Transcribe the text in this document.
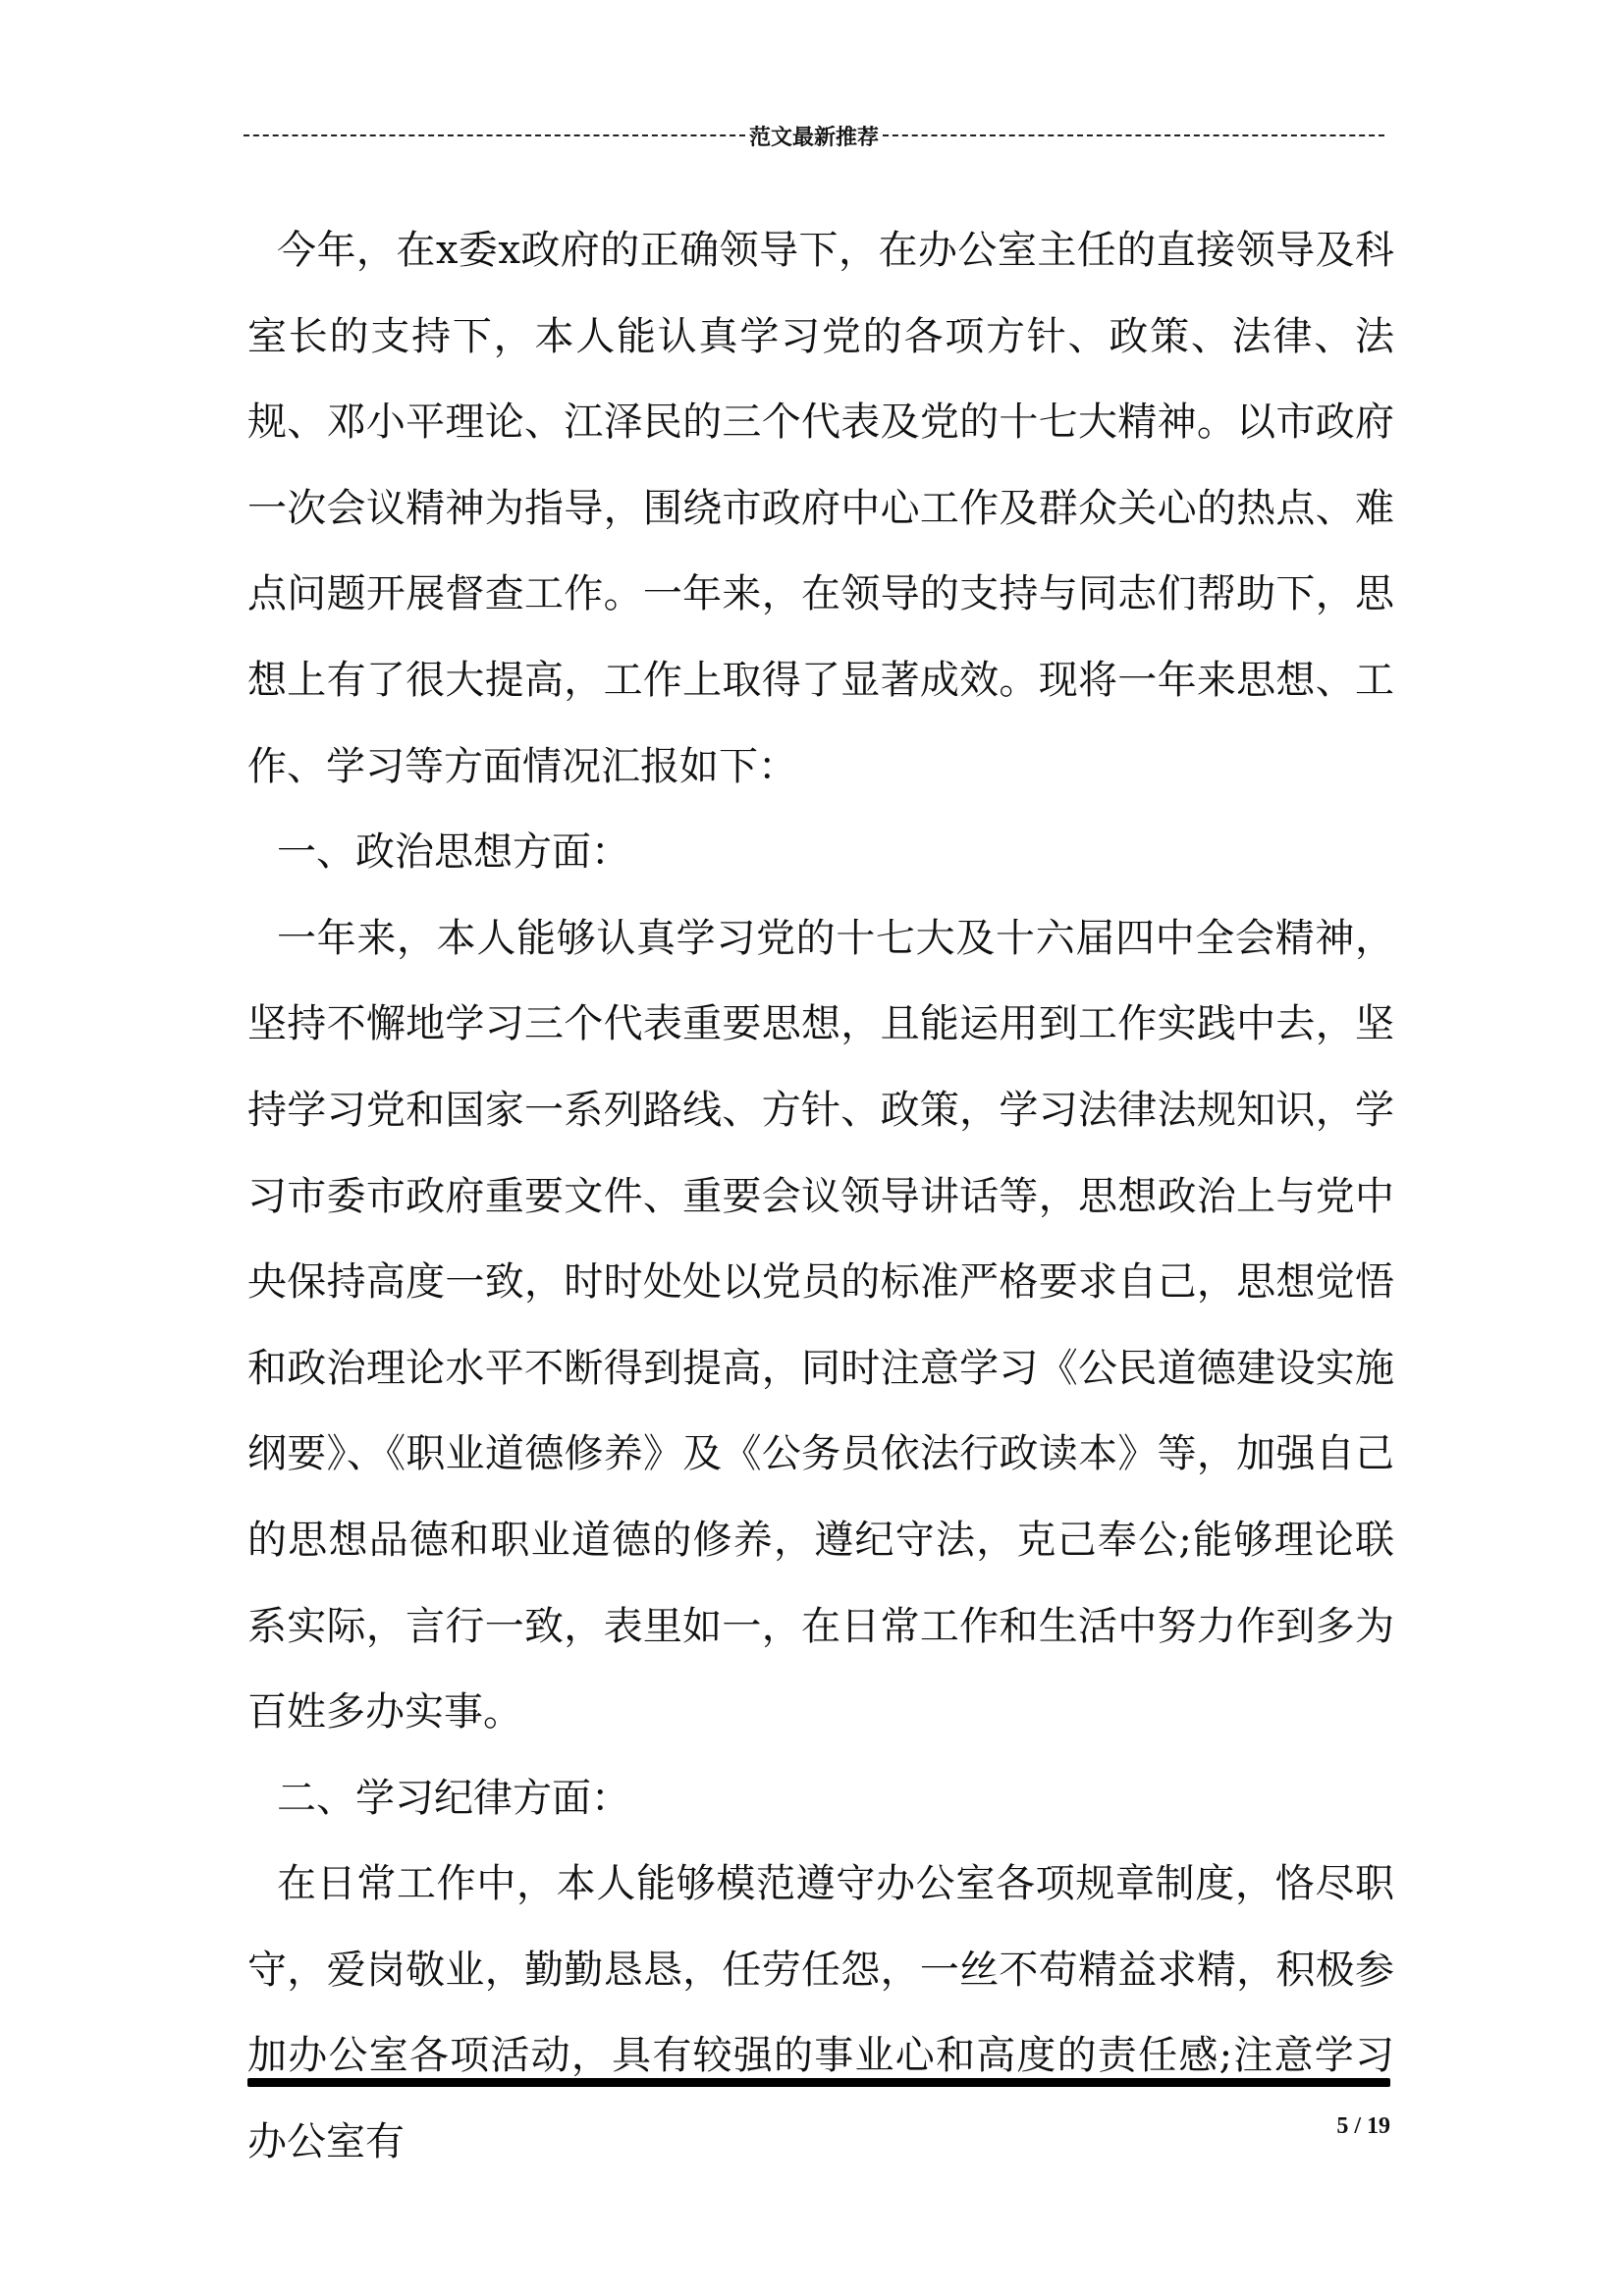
范文最新推荐

今年，在x委x政府的正确领导下，在办公室主任的直接领导及科室长的支持下，本人能认真学习党的各项方针、政策、法律、法规、邓小平理论、江泽民的三个代表及党的十七大精神。以市政府一次会议精神为指导，围绕市政府中心工作及群众关心的热点、难点问题开展督查工作。一年来，在领导的支持与同志们帮助下，思想上有了很大提高，工作上取得了显著成效。现将一年来思想、工作、学习等方面情况汇报如下：

一、政治思想方面：

一年来，本人能够认真学习党的十七大及十六届四中全会精神，坚持不懈地学习三个代表重要思想，且能运用到工作实践中去，坚持学习党和国家一系列路线、方针、政策，学习法律法规知识，学习市委市政府重要文件、重要会议领导讲话等，思想政治上与党中央保持高度一致，时时处处以党员的标准严格要求自己，思想觉悟和政治理论水平不断得到提高，同时注意学习《公民道德建设实施纲要》、《职业道德修养》及《公务员依法行政读本》等，加强自己的思想品德和职业道德的修养，遵纪守法，克己奉公;能够理论联系实际，言行一致，表里如一，在日常工作和生活中努力作到多为百姓多办实事。

二、学习纪律方面：

在日常工作中，本人能够模范遵守办公室各项规章制度，恪尽职守，爱岗敬业，勤勤恳恳，任劳任怨，一丝不苟精益求精，积极参加办公室各项活动，具有较强的事业心和高度的责任感;注意学习办公室有	5 / 19
